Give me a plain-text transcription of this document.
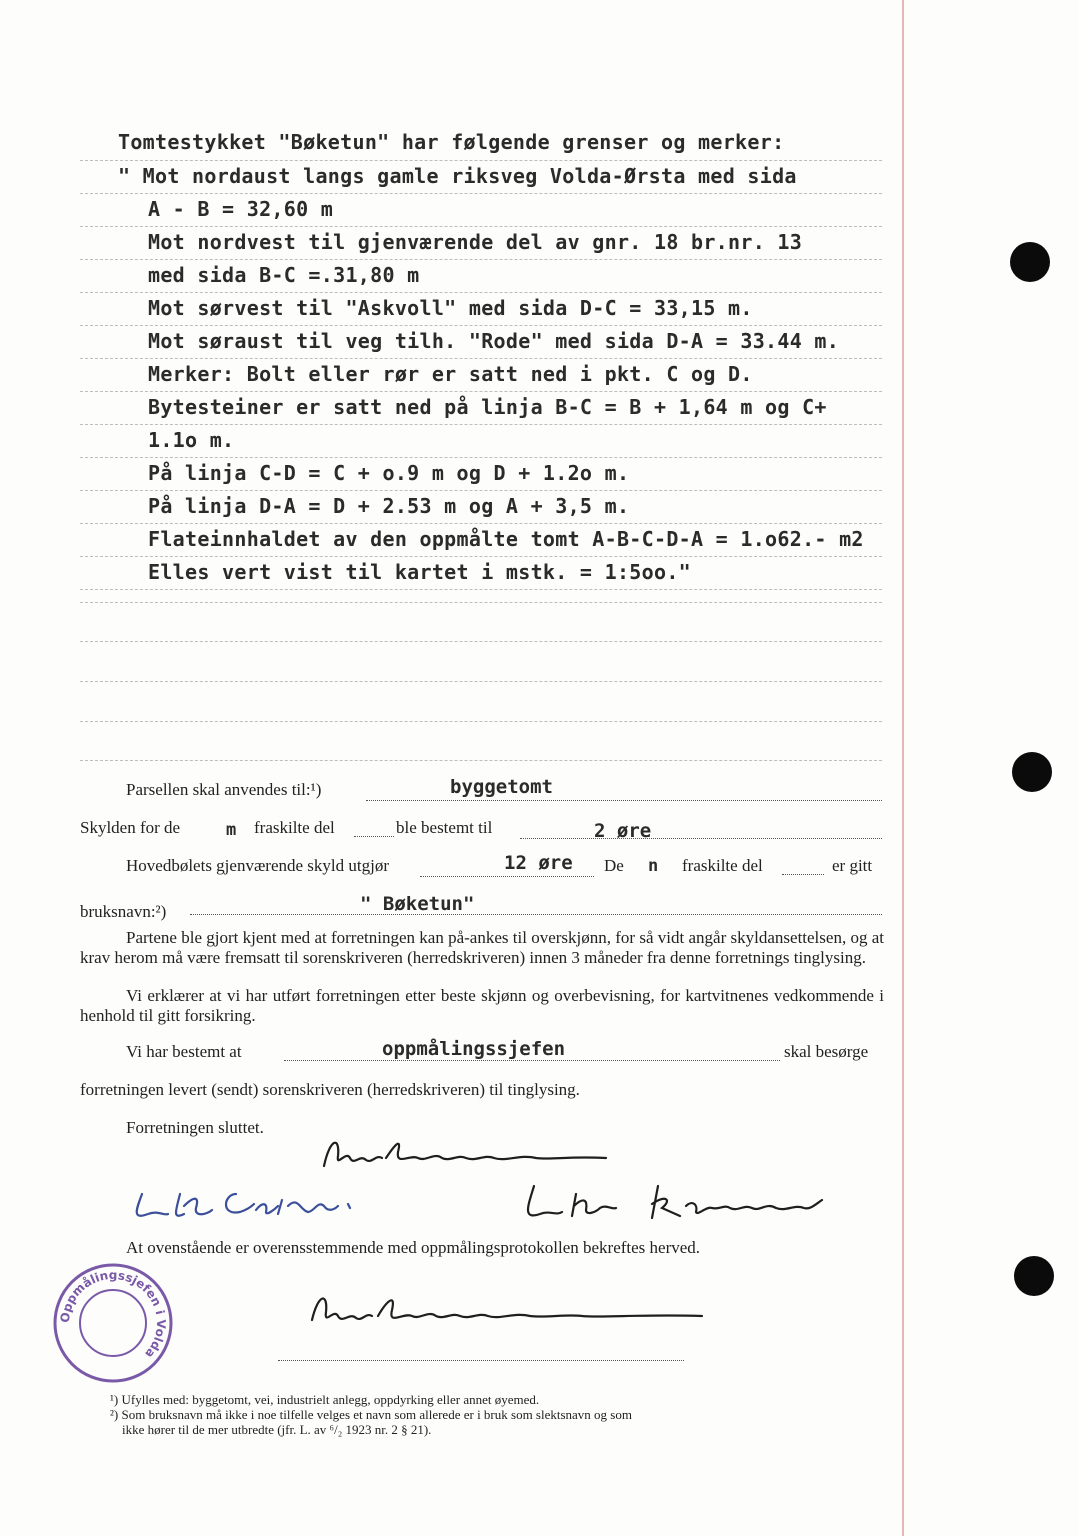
Tomtestykket "Bøketun" har følgende grenser og merker:
" Mot nordaust langs gamle riksveg Volda-Ørsta med sida
A - B = 32,60 m
Mot nordvest til gjenværende del av gnr. 18 br.nr. 13
med sida B-C =.31,80 m
Mot sørvest til "Askvoll" med sida D-C = 33,15 m.
Mot søraust til veg tilh. "Rode" med sida D-A = 33.44 m.
Merker: Bolt eller rør er satt ned i pkt. C og D.
Bytesteiner er satt ned på linja B-C = B + 1,64 m og C+
1.1o m.
På linja C-D = C + o.9 m og D + 1.2o m.
På linja D-A = D + 2.53 m og A + 3,5 m.
Flateinnhaldet av den oppmålte tomt A-B-C-D-A = 1.o62.- m2
Elles vert vist til kartet i mstk. = 1:5oo."
Parsellen skal anvendes til:¹)	byggetomt
Skylden for de	m fraskilte del	ble bestemt til	2 øre
Hovedbølets gjenværende skyld utgjør	12 øre De n fraskilte del	er gitt
bruksnavn:²)	" Bøketun"
Partene ble gjort kjent med at forretningen kan på-ankes til overskjønn, for så vidt angår skyldansettelsen, og at krav herom må være fremsatt til sorenskriveren (herredskriveren) innen 3 måneder fra denne forretnings tinglysing.
Vi erklærer at vi har utført forretningen etter beste skjønn og overbevisning, for kartvitnenes vedkommende i henhold til gitt forsikring.
Vi har bestemt at	oppmålingssjefen	skal besørge
forretningen levert (sendt) sorenskriveren (herredskriveren) til tinglysing.
Forretningen sluttet.
At ovenstående er overensstemmende med oppmålingsprotokollen bekreftes herved.
Oppmålingssjefen i Volda
¹) Ufylles med: byggetomt, vei, industrielt anlegg, oppdyrking eller annet øyemed.
²) Som bruksnavn må ikke i noe tilfelle velges et navn som allerede er i bruk som slektsnavn og som
ikke hører til de mer utbredte (jfr. L. av ⁶/₂ 1923 nr. 2 § 21).
